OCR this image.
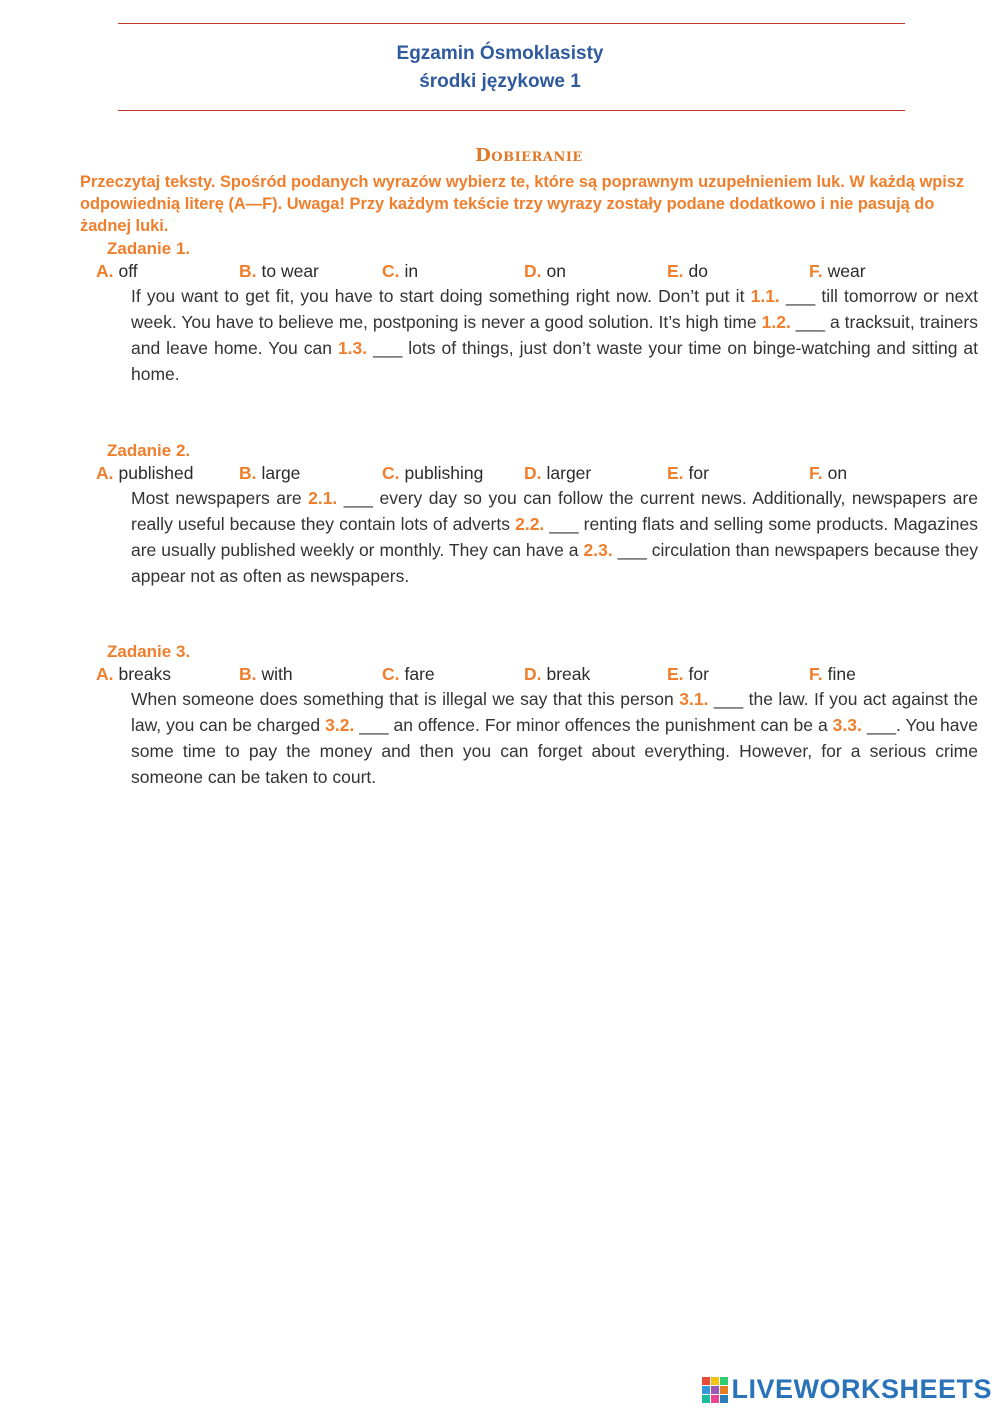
Egzamin Ósmoklasisty
środki językowe 1
Dobieranie
Przeczytaj teksty. Spośród podanych wyrazów wybierz te, które są poprawnym uzupełnieniem luk. W każdą wpisz odpowiednią literę (A—F). Uwaga! Przy każdym tekście trzy wyrazy zostały podane dodatkowo i nie pasują do żadnej luki.
Zadanie 1.
A. off	B. to wear	C. in	D. on	E. do	F. wear
If you want to get fit, you have to start doing something right now. Don’t put it 1.1. ___ till tomorrow or next week. You have to believe me, postponing is never a good solution. It’s high time 1.2. ___ a tracksuit, trainers and leave home. You can 1.3. ___ lots of things, just don’t waste your time on binge-watching and sitting at home.
Zadanie 2.
A. published	B. large	C. publishing D. larger	E. for	F. on
Most newspapers are 2.1. ___ every day so you can follow the current news. Additionally, newspapers are really useful because they contain lots of adverts 2.2. ___ renting flats and selling some products. Magazines are usually published weekly or monthly. They can have a 2.3. ___ circulation than newspapers because they appear not as often as newspapers.
Zadanie 3.
A. breaks	B. with	C. fare	D. break	E. for	F. fine
When someone does something that is illegal we say that this person 3.1. ___ the law. If you act against the law, you can be charged 3.2. ___ an offence. For minor offences the punishment can be a 3.3. ___. You have some time to pay the money and then you can forget about everything. However, for a serious crime someone can be taken to court.
LIVEWORKSHEETS
